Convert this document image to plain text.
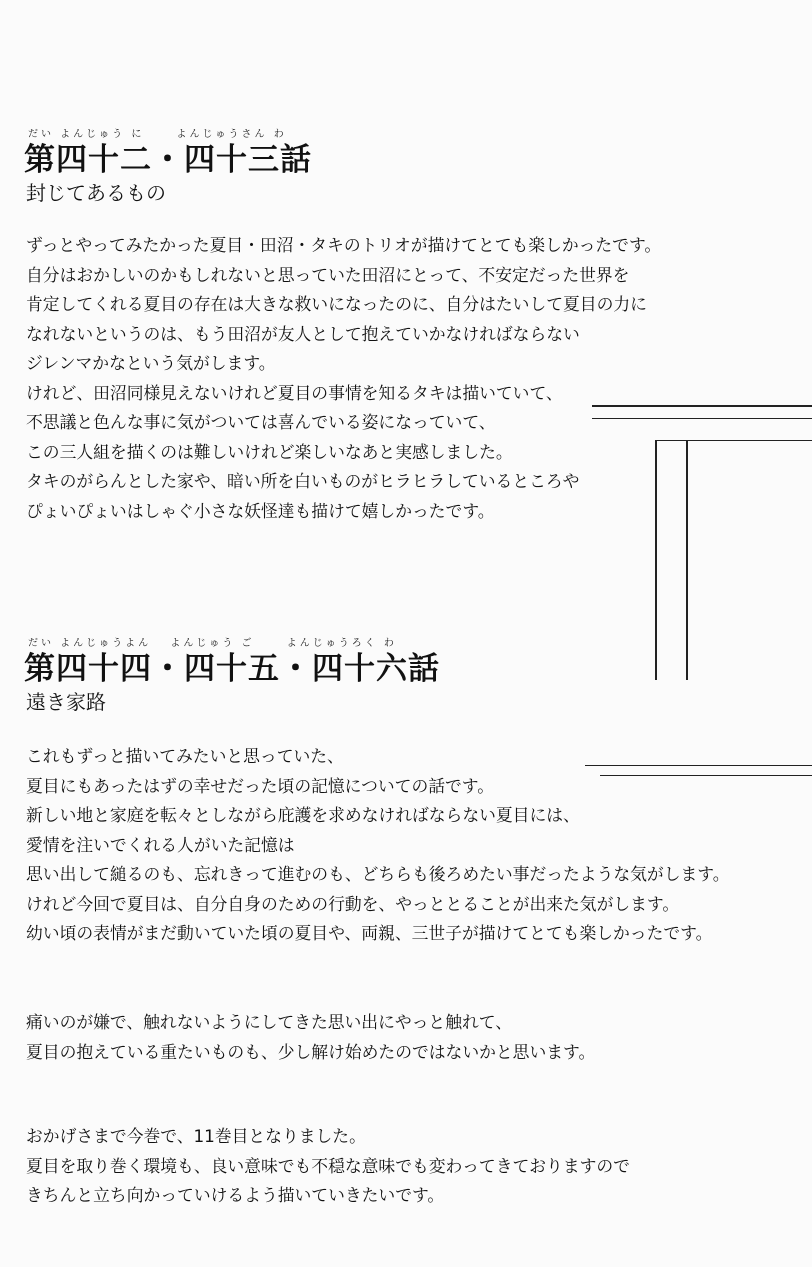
だい よんじゅう に　 　よんじゅうさん わ
第四十二・四十三話
封じてあるもの
ずっとやってみたかった夏目・田沼・タキのトリオが描けてとても楽しかったです。
自分はおかしいのかもしれないと思っていた田沼にとって、不安定だった世界を
肯定してくれる夏目の存在は大きな救いになったのに、自分はたいして夏目の力に
なれないというのは、もう田沼が友人として抱えていかなければならない
ジレンマかなという気がします。
けれど、田沼同様見えないけれど夏目の事情を知るタキは描いていて、
不思議と色んな事に気がついては喜んでいる姿になっていて、
この三人組を描くのは難しいけれど楽しいなあと実感しました。
タキのがらんとした家や、暗い所を白いものがヒラヒラしているところや
ぴょいぴょいはしゃぐ小さな妖怪達も描けて嬉しかったです。
だい よんじゅうよん　 よんじゅう ご　 　よんじゅうろく わ
第四十四・四十五・四十六話
遠き家路
これもずっと描いてみたいと思っていた、
夏目にもあったはずの幸せだった頃の記憶についての話です。
新しい地と家庭を転々としながら庇護を求めなければならない夏目には、
愛情を注いでくれる人がいた記憶は
思い出して縋るのも、忘れきって進むのも、どちらも後ろめたい事だったような気がします。
けれど今回で夏目は、自分自身のための行動を、やっととることが出来た気がします。
幼い頃の表情がまだ動いていた頃の夏目や、両親、三世子が描けてとても楽しかったです。
痛いのが嫌で、触れないようにしてきた思い出にやっと触れて、
夏目の抱えている重たいものも、少し解け始めたのではないかと思います。
おかげさまで今巻で、11巻目となりました。
夏目を取り巻く環境も、良い意味でも不穏な意味でも変わってきておりますので
きちんと立ち向かっていけるよう描いていきたいです。
